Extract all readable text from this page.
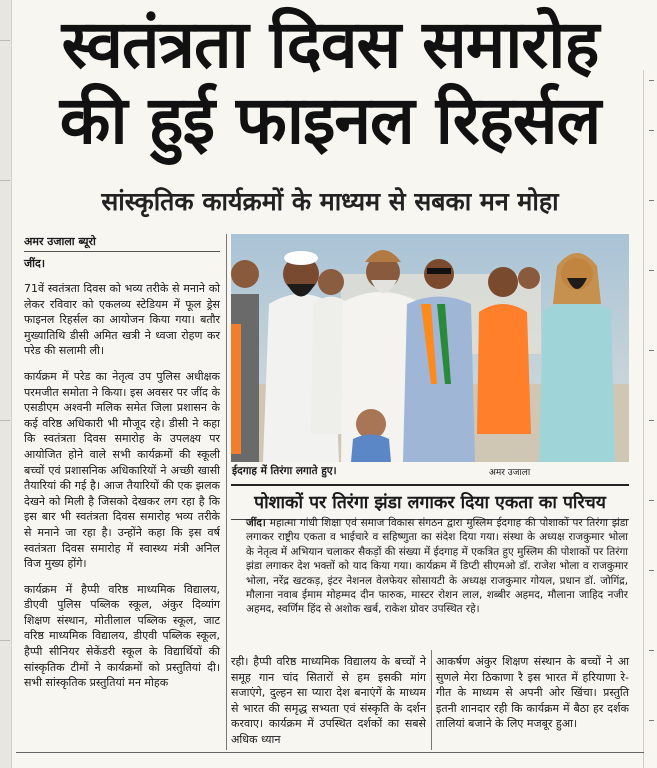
स्वतंत्रता दिवस समारोह
की हुई फाइनल रिहर्सल
सांस्कृतिक कार्यक्रमों के माध्यम से सबका मन मोहा
अमर उजाला ब्यूरो
जींद।

71वें स्वतंत्रता दिवस को भव्य तरीके से मनाने को लेकर रविवार को एकलव्य स्टेडियम में फूल ड्रेस फाइनल रिहर्सल का आयोजन किया गया। बतौर मुख्यातिथि डीसी अमित खत्री ने ध्वजा रोहण कर परेड की सलामी ली।

कार्यक्रम में परेड का नेतृत्व उप पुलिस अधीक्षक परमजीत समोता ने किया। इस अवसर पर जींद के एसडीएम अश्वनी मलिक समेत जिला प्रशासन के कई वरिष्ठ अधिकारी भी मौजूद रहे। डीसी ने कहा कि स्वतंत्रता दिवस समारोह के उपलक्ष्य पर आयोजित होने वाले सभी कार्यक्रमों की स्कूली बच्चों एवं प्रशासनिक अधिकारियों ने अच्छी खासी तैयारियां की गई है। आज तैयारियों की एक झलक देखने को मिली है जिसको देखकर लग रहा है कि इस बार भी स्वतंत्रता दिवस समारोह भव्य तरीके से मनाने जा रहा है। उन्होंने कहा कि इस वर्ष स्वतंत्रता दिवस समारोह में स्वास्थ्य मंत्री अनिल विज मुख्य होंगे।

कार्यक्रम में हैप्पी वरिष्ठ माध्यमिक विद्यालय, डीएवी पुलिस पब्लिक स्कूल, अंकुर दिव्यांग शिक्षण संस्थान, मोतीलाल पब्लिक स्कूल, जाट वरिष्ठ माध्यमिक विद्यालय, डीएवी पब्लिक स्कूल, हैप्पी सीनियर सेकेंडरी स्कूल के विद्यार्थियों की सांस्कृतिक टीमों ने कार्यक्रमों को प्रस्तुतियां दी। सभी सांस्कृतिक प्रस्तुतियां मन मोहक

ईदगाह में तिरंगा लगाते हुए।	अमर उजाला
पोशाकों पर तिरंगा झंडा लगाकर दिया एकता का परिचय
जींद। महात्मा गांधी शिक्षा एवं समाज विकास संगठन द्वारा मुस्लिम ईदगाह की पोशाकों पर तिरंगा झंडा लगाकर राष्ट्रीय एकता व भाईचारे व सहिष्णुता का संदेश दिया गया। संस्था के अध्यक्ष राजकुमार भोला के नेतृत्व में अभियान चलाकर सैकड़ों की संख्या में ईदगाह में एकत्रित हुए मुस्लिम की पोशाकों पर तिरंगा झंडा लगाकर देश भक्तों को याद किया गया। कार्यक्रम में डिप्टी सीएमओ डॉ. राजेश भोला व राजकुमार भोला, नरेंद्र खटकड़, इंटर नेशनल वेलफेयर सोसायटी के अध्यक्ष राजकुमार गोयल, प्रधान डॉ. जोगिंद्र, मौलाना नवाब ईमाम मोहम्मद दीन फारुक, मास्टर रोशन लाल, शब्बीर अहमद, मौलाना जाहिद नजीर अहमद, स्वर्णिम हिंद से अशोक खर्ब, राकेश ग्रोवर उपस्थित रहे।

रही। हैप्पी वरिष्ठ माध्यमिक विद्यालय के बच्चों ने समूह गान चांद सितारों से हम इसकी मांग सजाएंगे, दुल्हन सा प्यारा देश बनाएंगें के माध्यम से भारत की समृद्ध सभ्यता एवं संस्कृति के दर्शन करवाए। कार्यक्रम में उपस्थित दर्शकों का सबसे अधिक ध्यान

आकर्षण अंकुर शिक्षण संस्थान के बच्चों ने आ सुणले मेरा ठिकाणा रै इस भारत में हरियाणा रे-गीत के माध्यम से अपनी ओर खिंचा। प्रस्तुति इतनी शानदार रही कि कार्यक्रम में बैठा हर दर्शक तालियां बजाने के लिए मजबूर हुआ।
